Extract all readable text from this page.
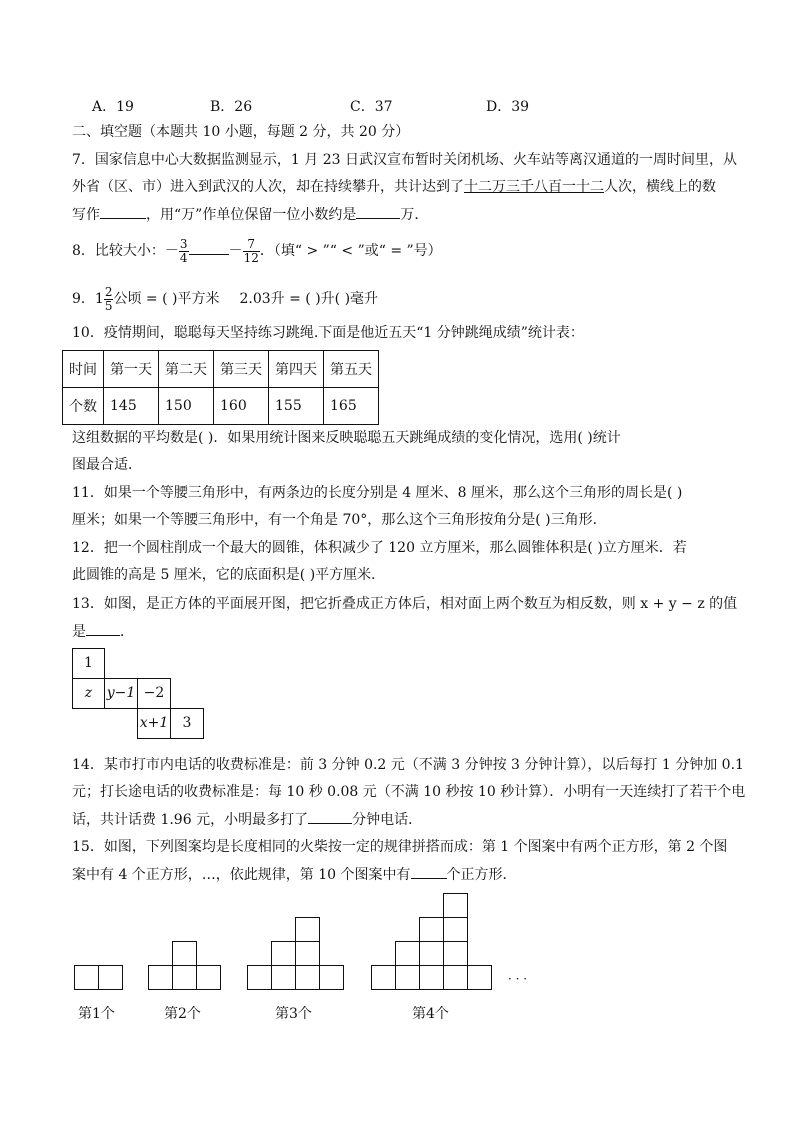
A．19	B．26	C．37	D．39
二、填空题（本题共 10 小题，每题 2 分，共 20 分）
7．国家信息中心大数据监测显示，1 月 23 日武汉宣布暂时关闭机场、火车站等离汉通道的一周时间里，从
外省（区、市）进入到武汉的人次，却在持续攀升，共计达到了十二万三千八百一十二人次，横线上的数
写作	，用“万”作单位保留一位小数约是	万．
8．比较大小：－ $\frac{3}{4}$	－ $\frac{7}{12}$ ．（填“ > ”“ < ”或“ = ”号）
9．$1 \frac{2}{5}$ 公顷 = ( )平方米 2.03升 = ( )升( )毫升
10．疫情期间，聪聪每天坚持练习跳绳.下面是他近五天“1 分钟跳绳成绩”统计表：
时间	第一天	第二天	第三天	第四天	第五天
个数	145	150	160	155	165
这组数据的平均数是( )．如果用统计图来反映聪聪五天跳绳成绩的变化情况，选用( )统计
图最合适．
11．如果一个等腰三角形中，有两条边的长度分别是 4 厘米、8 厘米，那么这个三角形的周长是( )
厘米；如果一个等腰三角形中，有一个角是 70°，那么这个三角形按角分是( )三角形．
12．把一个圆柱削成一个最大的圆锥，体积减少了 120 立方厘米，那么圆锥体积是( )立方厘米．若
此圆锥的高是 5 厘米，它的底面积是( )平方厘米．
13．如图，是正方体的平面展开图，把它折叠成正方体后，相对面上两个数互为相反数，则 x + y − z 的值
是 ．
1
z	y−1 −2
x+1	3
14．某市打市内电话的收费标准是：前 3 分钟 0.2 元（不满 3 分钟按 3 分钟计算），以后每打 1 分钟加 0.1
元；打长途电话的收费标准是：每 10 秒 0.08 元（不满 10 秒按 10 秒计算）．小明有一天连续打了若干个电
话，共计话费 1.96 元，小明最多打了	分钟电话．
15．如图，下列图案均是长度相同的火柴按一定的规律拼搭而成：第 1 个图案中有两个正方形，第 2 个图
案中有 4 个正方形，…，依此规律，第 10 个图案中有	个正方形．
· · ·
第1个	第2个	第3个	第4个
